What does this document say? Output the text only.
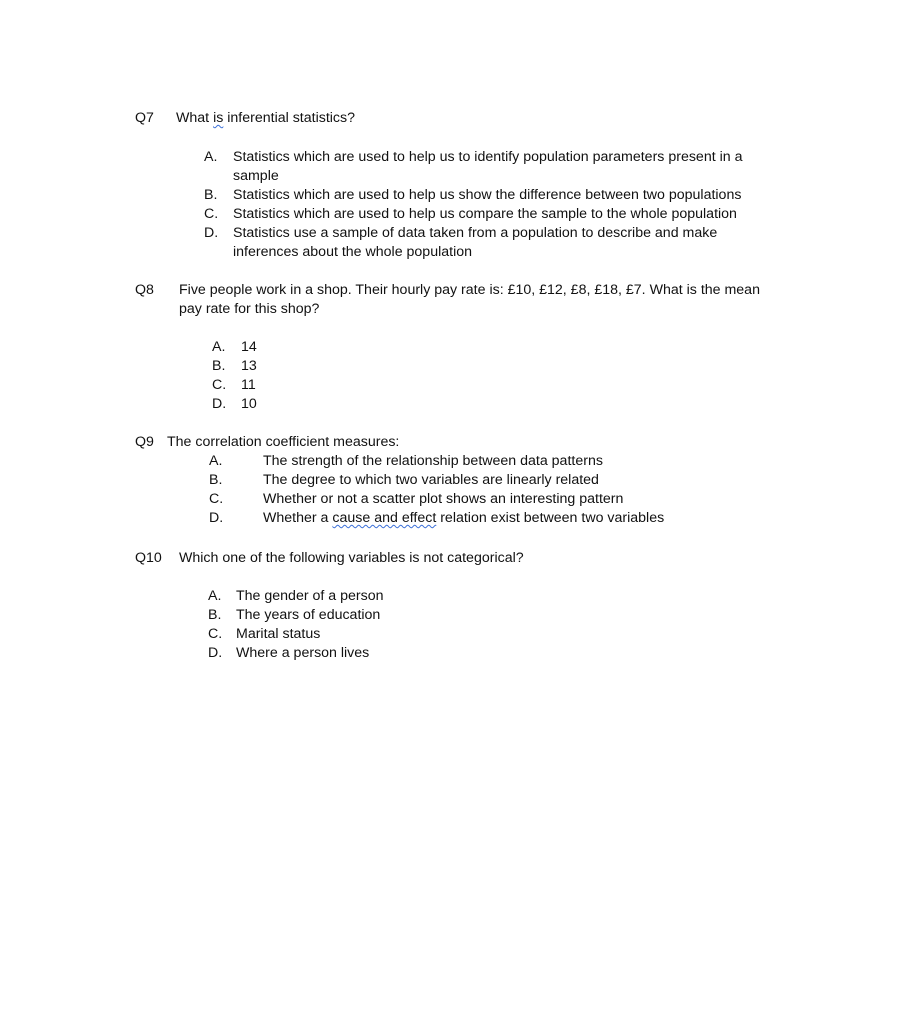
Q7 What is inferential statistics?
A. Statistics which are used to help us to identify population parameters present in a sample
B. Statistics which are used to help us show the difference between two populations
C. Statistics which are used to help us compare the sample to the whole population
D. Statistics use a sample of data taken from a population to describe and make inferences about the whole population
Q8 Five people work in a shop. Their hourly pay rate is: £10, £12, £8, £18, £7. What is the mean pay rate for this shop?
A. 14
B. 13
C. 11
D. 10
Q9 The correlation coefficient measures:
A.	The strength of the relationship between data patterns
B.	The degree to which two variables are linearly related
C.	Whether or not a scatter plot shows an interesting pattern
D.	Whether a cause and effect relation exist between two variables
Q10 Which one of the following variables is not categorical?
A. The gender of a person
B. The years of education
C. Marital status
D. Where a person lives
